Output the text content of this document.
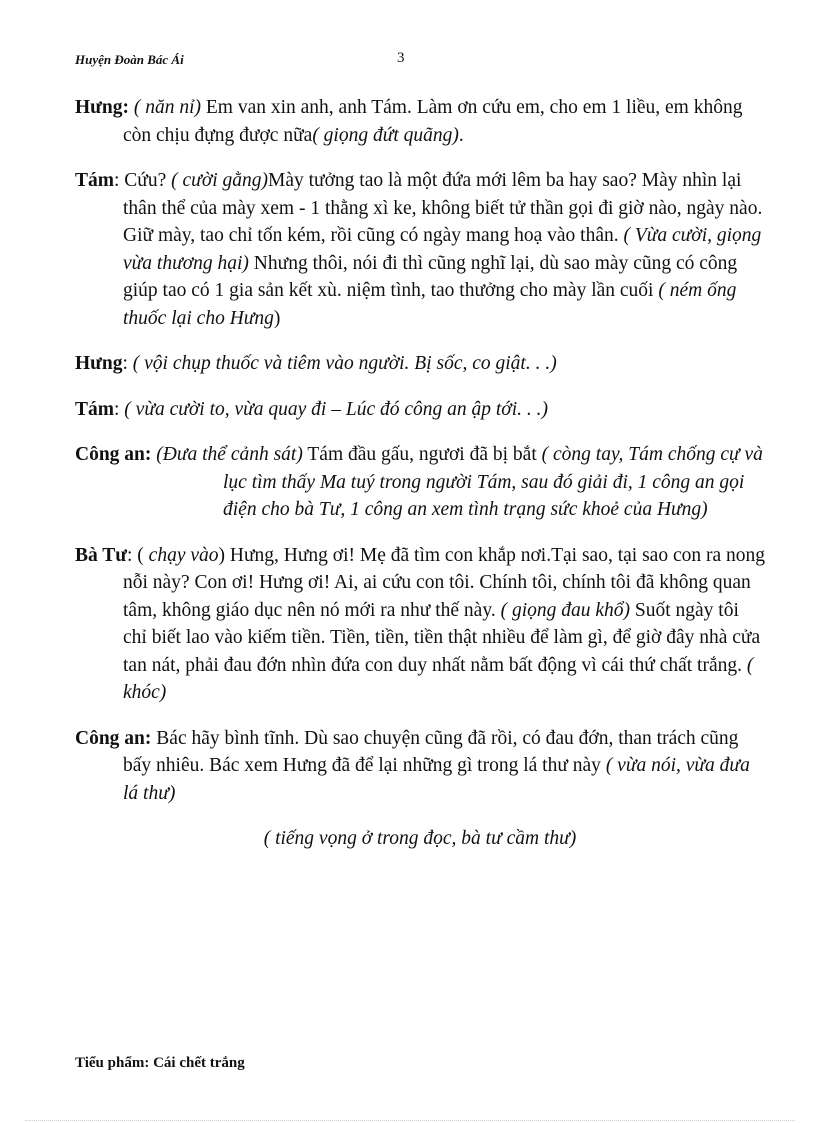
Huyện Đoàn Bác Ái	3

Hưng: ( năn nỉ) Em van xin anh, anh Tám. Làm ơn cứu em, cho em 1 liều, em không còn chịu đựng được nữa( giọng đứt quãng).

Tám: Cứu? ( cười gằng)Mày tưởng tao là một đứa mới lêm ba hay sao? Mày nhìn lại thân thể của mày xem - 1 thằng xì ke, không biết tử thần gọi đi giờ nào, ngày nào. Giữ mày, tao chỉ tốn kém, rồi cũng có ngày mang hoạ vào thân. ( Vừa cười, giọng vừa thương hại) Nhưng thôi, nói đi thì cũng nghĩ lại, dù sao mày cũng có công giúp tao có 1 gia sản kết xù. niệm tình, tao thưởng cho mày lần cuối ( ném ống thuốc lại cho Hưng)

Hưng: ( vội chụp thuốc và tiêm vào người. Bị sốc, co giật. . .)

Tám: ( vừa cười to, vừa quay đi – Lúc đó công an ập tới. . .)

Công an: (Đưa thể cảnh sát) Tám đầu gấu, ngươi đã bị bắt ( còng tay, Tám chống cự và lục tìm thấy Ma tuý trong người Tám, sau đó giải đi, 1 công an gọi điện cho bà Tư, 1 công an xem tình trạng sức khoẻ của Hưng)

Bà Tư: ( chạy vào) Hưng, Hưng ơi! Mẹ đã tìm con khắp nơi.Tại sao, tại sao con ra nong nỗi này? Con ơi! Hưng ơi! Ai, ai cứu con tôi. Chính tôi, chính tôi đã không quan tâm, không giáo dục nên nó mới ra như thế này. ( giọng đau khổ) Suốt ngày tôi chỉ biết lao vào kiếm tiền. Tiền, tiền, tiền thật nhiều để làm gì, để giờ đây nhà cửa tan nát, phải đau đớn nhìn đứa con duy nhất nằm bất động vì cái thứ chất trắng. ( khóc)

Công an: Bác hãy bình tĩnh. Dù sao chuyện cũng đã rồi, có đau đớn, than trách cũng bấy nhiêu. Bác xem Hưng đã để lại những gì trong lá thư này ( vừa nói, vừa đưa lá thư)

( tiếng vọng ở trong đọc, bà tư cầm thư)

Tiểu phẩm: Cái chết trắng
